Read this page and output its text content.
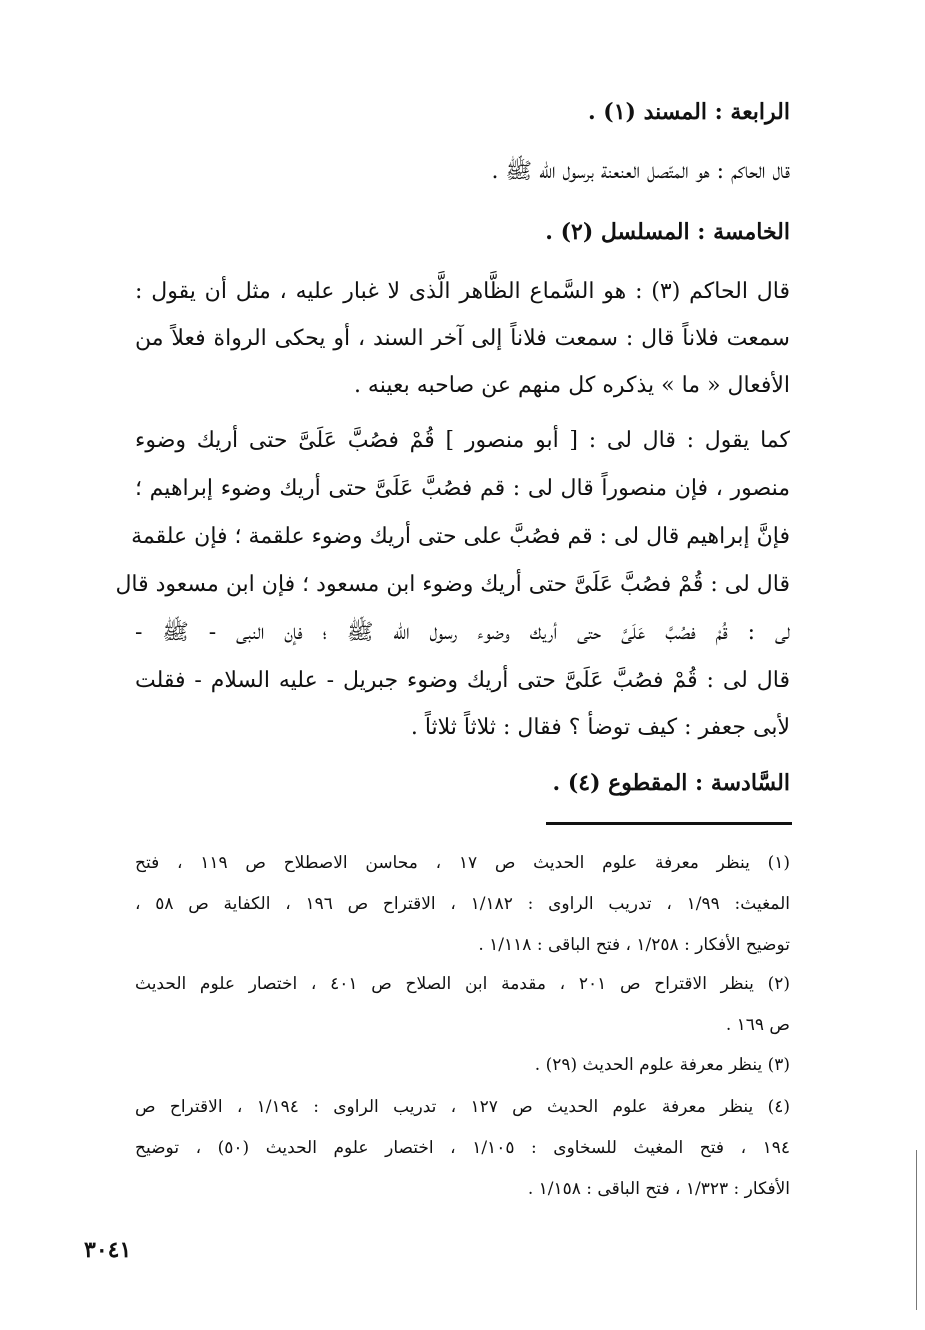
الرابعة : المسند (١) .
قال الحاكم : هو المتّصل العنعنة برسول الله ﷺ .
الخامسة : المسلسل (٢) .
قال الحاكم (٣) : هو السَّماع الظَّاهر الَّذى لا غبار عليه ، مثل أن يقول :
سمعت فلاناً قال : سمعت فلاناً إلى آخر السند ، أو يحكى الرواة فعلاً من
الأفعال « ما » يذكره كل منهم عن صاحبه بعينه .
كما يقول : قال لى : [ أبو منصور ] قُمْ فصُبَّ عَلَىَّ حتى أريك وضوء
منصور ، فإن منصوراً قال لى : قم فصُبَّ عَلَىَّ حتى أريك وضوء إبراهيم ؛
فإنَّ إبراهيم قال لى : قم فصُبَّ على حتى أريك وضوء علقمة ؛ فإن علقمة
قال لى : قُمْ فصُبَّ عَلَىَّ حتى أريك وضوء ابن مسعود ؛ فإن ابن مسعود قال
لى : قُمْ فصُبَّ عَلَىَّ حتى أريك وضوء رسول الله ﷺ ؛ فإن النبى - ﷺ -
قال لى : قُمْ فصُبَّ عَلَىَّ حتى أريك وضوء جبريل - عليه السلام - فقلت
لأبى جعفر : كيف توضأ ؟ فقال : ثلاثاً ثلاثاً .
السَّادسة : المقطوع (٤) .
(١) ينظر معرفة علوم الحديث ص ١٧ ، محاسن الاصطلاح ص ١١٩ ، فتح
المغيث: ١/٩٩ ، تدريب الراوى : ١/١٨٢ ، الاقتراح ص ١٩٦ ، الكفاية ص ٥٨ ،
توضيح الأفكار : ١/٢٥٨ ، فتح الباقى : ١/١١٨ .
(٢) ينظر الاقتراح ص ٢٠١ ، مقدمة ابن الصلاح ص ٤٠١ ، اختصار علوم الحديث
ص ١٦٩ .
(٣) ينظر معرفة علوم الحديث (٢٩) .
(٤) ينظر معرفة علوم الحديث ص ١٢٧ ، تدريب الراوى : ١/١٩٤ ، الاقتراح ص
١٩٤ ، فتح المغيث للسخاوى : ١/١٠٥ ، اختصار علوم الحديث (٥٠) ، توضيح
الأفكار : ١/٣٢٣ ، فتح الباقى : ١/١٥٨ .
٣٠٤١
